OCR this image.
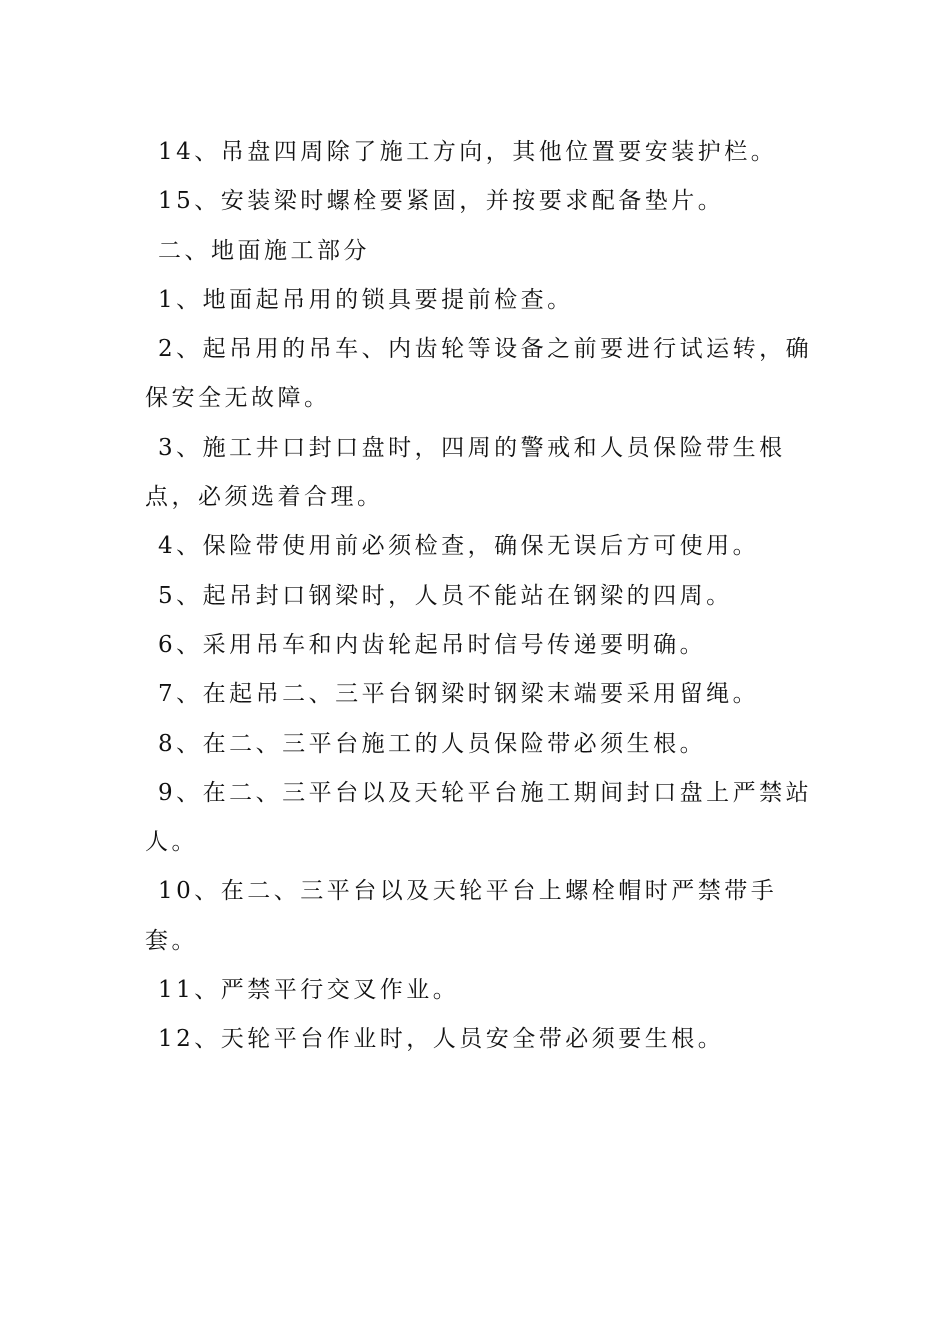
14、吊盘四周除了施工方向，其他位置要安装护栏。

15、安装梁时螺栓要紧固，并按要求配备垫片。

二、地面施工部分

1、地面起吊用的锁具要提前检查。

2、起吊用的吊车、内齿轮等设备之前要进行试运转，确保安全无故障。

3、施工井口封口盘时，四周的警戒和人员保险带生根点，必须选着合理。

4、保险带使用前必须检查，确保无误后方可使用。

5、起吊封口钢梁时，人员不能站在钢梁的四周。

6、采用吊车和内齿轮起吊时信号传递要明确。

7、在起吊二、三平台钢梁时钢梁末端要采用留绳。

8、在二、三平台施工的人员保险带必须生根。

9、在二、三平台以及天轮平台施工期间封口盘上严禁站人。

10、在二、三平台以及天轮平台上螺栓帽时严禁带手套。

11、严禁平行交叉作业。

12、天轮平台作业时，人员安全带必须要生根。
